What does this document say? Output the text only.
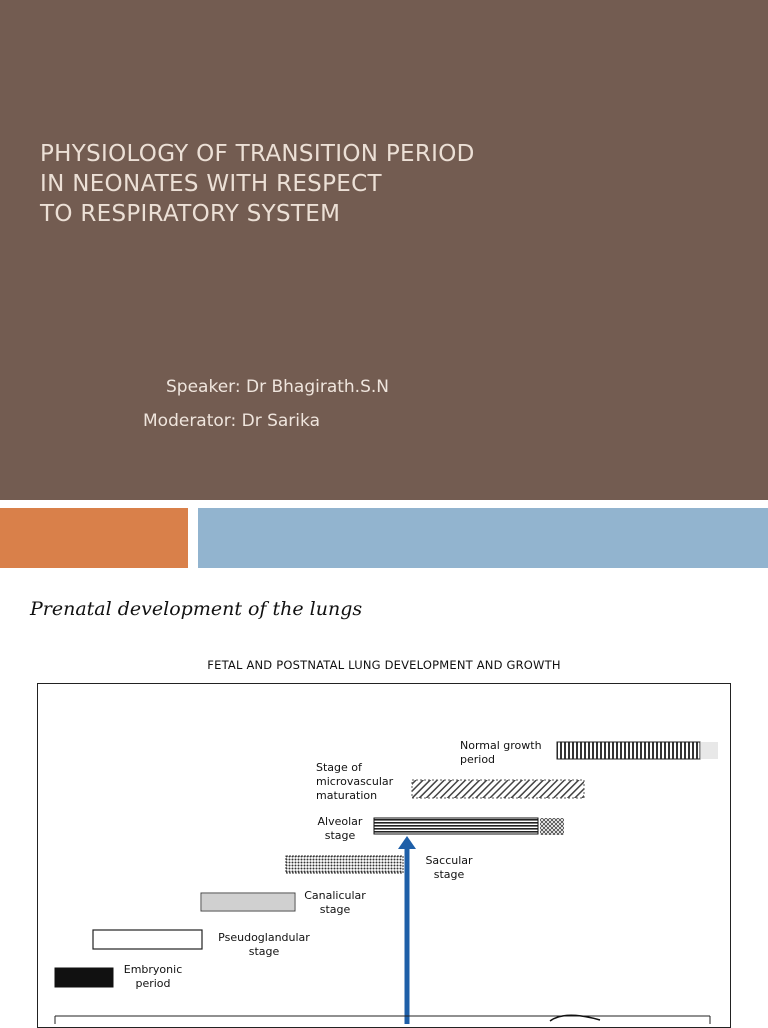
PHYSIOLOGY OF TRANSITION PERIOD
IN NEONATES WITH RESPECT
TO RESPIRATORY SYSTEM
Speaker: Dr Bhagirath.S.N
Moderator: Dr Sarika
Prenatal development of the lungs
FETAL AND POSTNATAL LUNG DEVELOPMENT AND GROWTH
Normal growth
period
Stage of
microvascular
maturation
Alveolar
stage
Saccular
stage
Canalicular
stage
Pseudoglandular
stage
Embryonic
period
